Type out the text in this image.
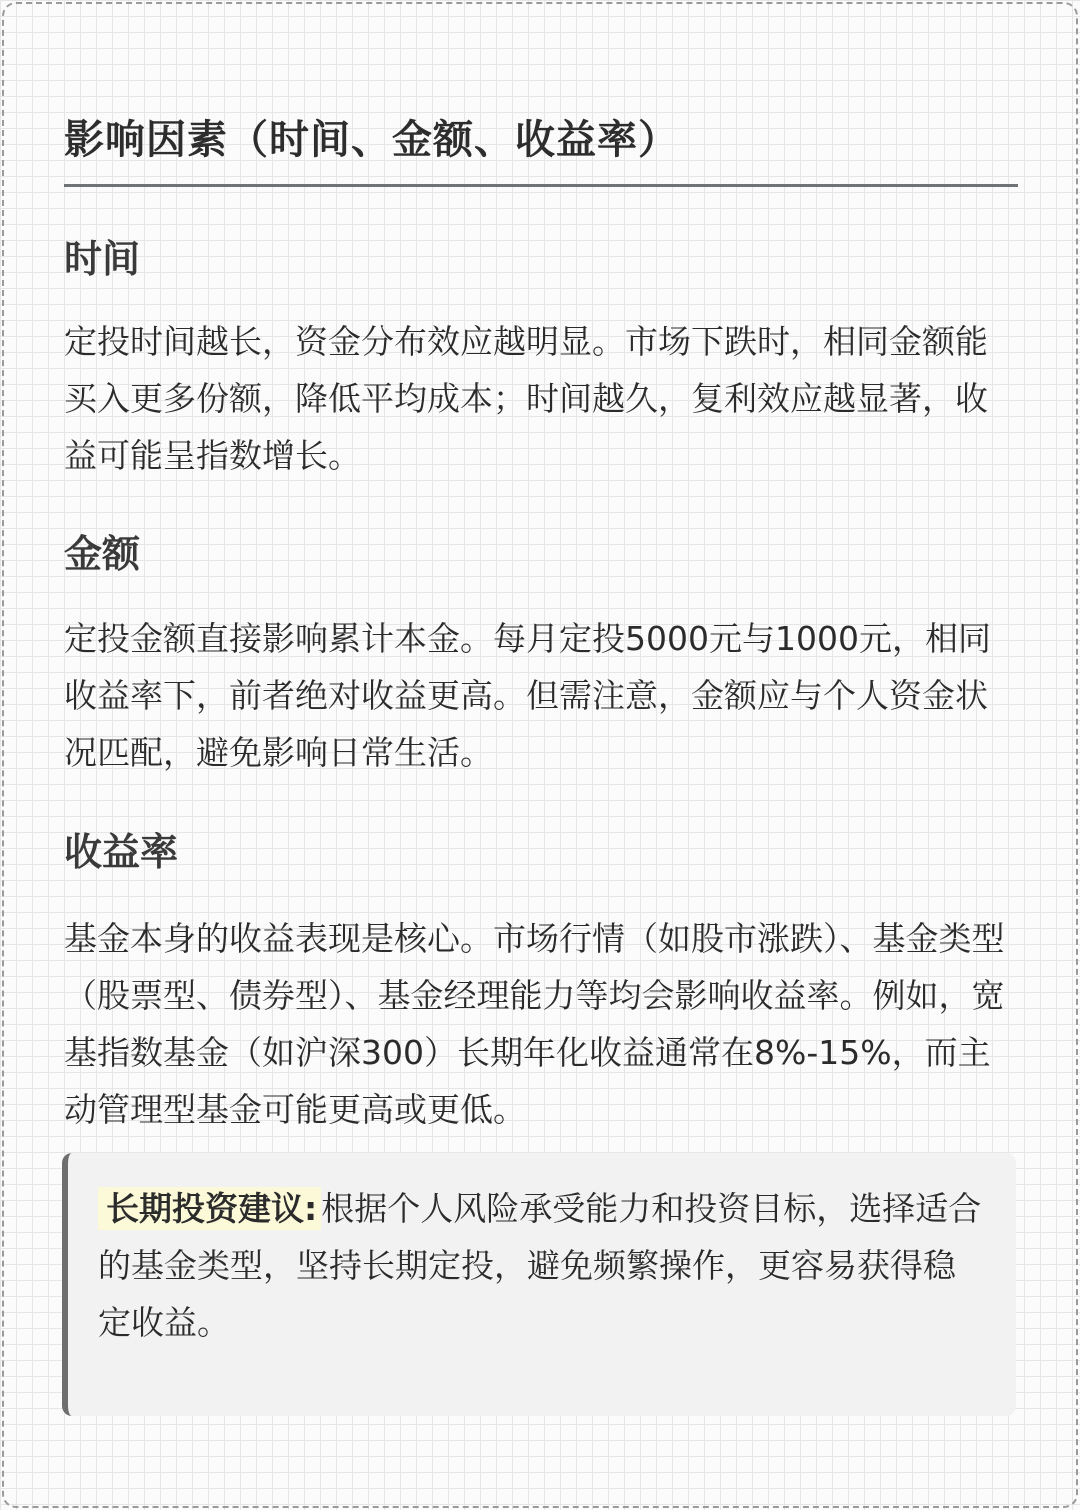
影响因素（时间、金额、收益率）
时间

定投时间越长，资金分布效应越明显。市场下跌时，相同金额能买入更多份额，降低平均成本；时间越久，复利效应越显著，收益可能呈指数增长。

金额

定投金额直接影响累计本金。每月定投5000元与1000元，相同收益率下，前者绝对收益更高。但需注意，金额应与个人资金状况匹配，避免影响日常生活。

收益率

基金本身的收益表现是核心。市场行情（如股市涨跌）、基金类型（股票型、债券型）、基金经理能力等均会影响收益率。例如，宽基指数基金（如沪深300）长期年化收益通常在8%-15%，而主动管理型基金可能更高或更低。

长期投资建议: 根据个人风险承受能力和投资目标，选择适合的基金类型，坚持长期定投，避免频繁操作，更容易获得稳定收益。
